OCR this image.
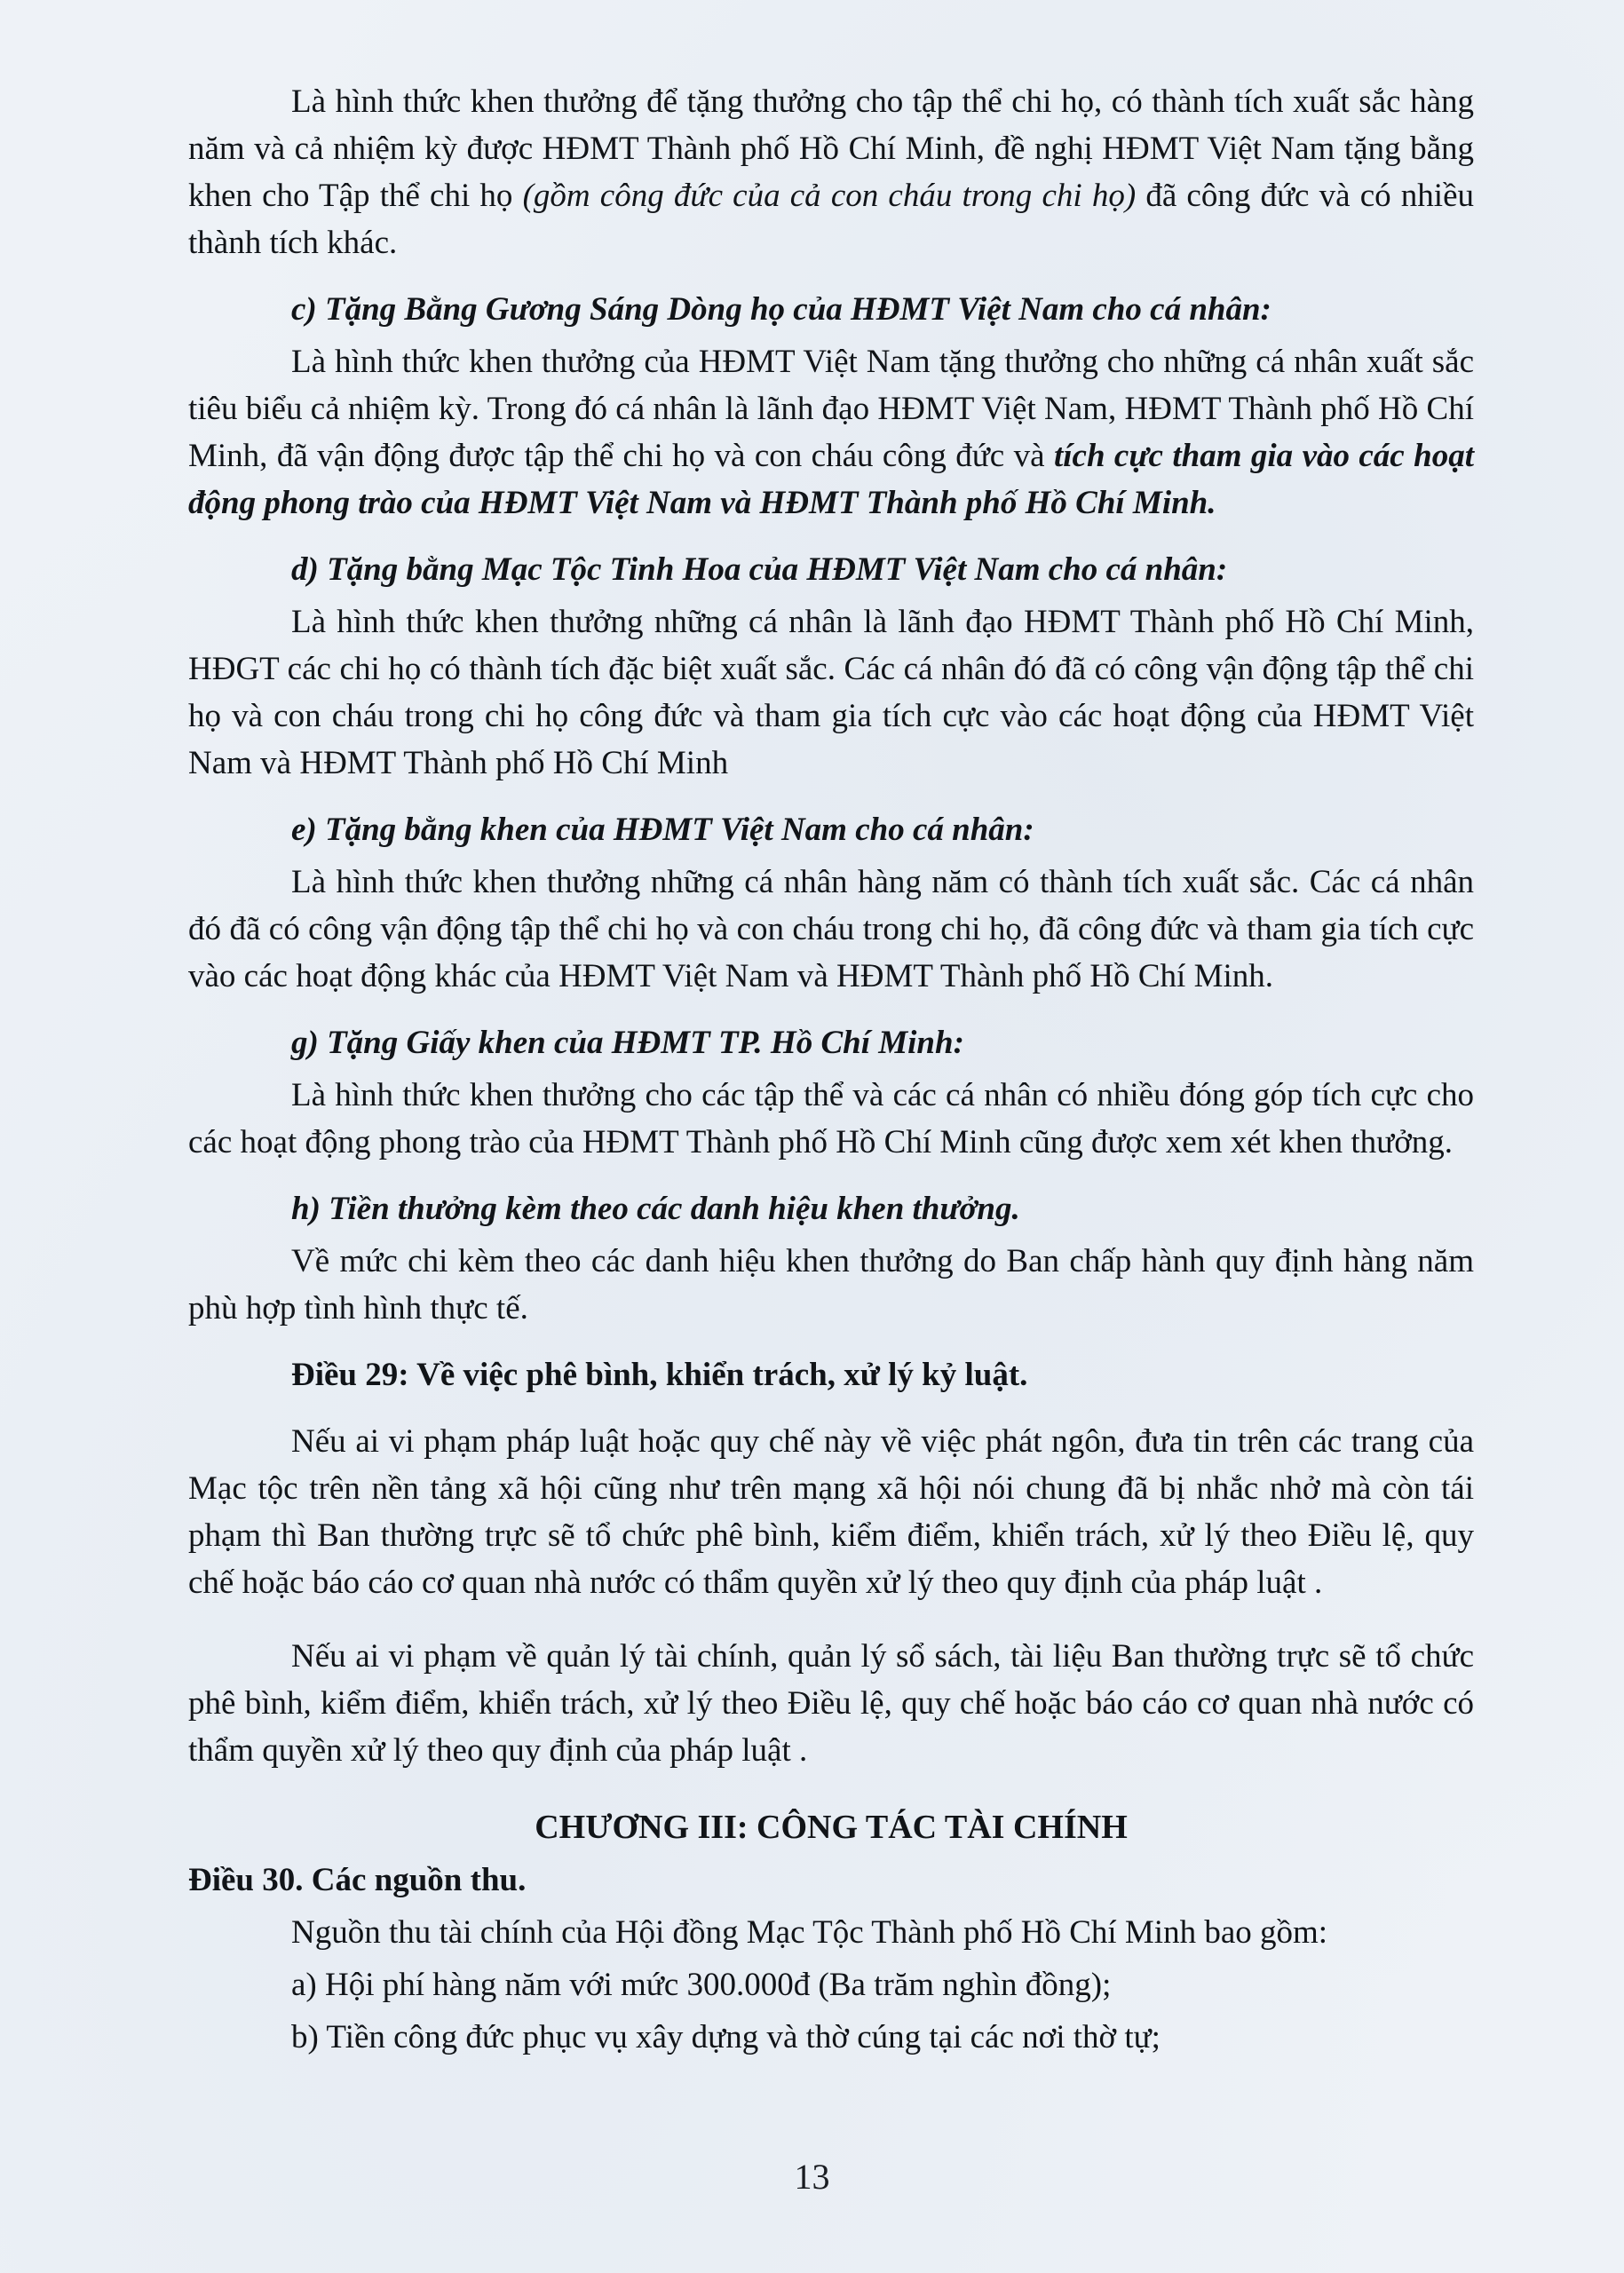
Là hình thức khen thưởng để tặng thưởng cho tập thể chi họ, có thành tích xuất sắc hàng năm và cả nhiệm kỳ được HĐMT Thành phố Hồ Chí Minh, đề nghị HĐMT Việt Nam tặng bằng khen cho Tập thể chi họ (gồm công đức của cả con cháu trong chi họ) đã công đức và có nhiều thành tích khác.

c) Tặng Bằng Gương Sáng Dòng họ của HĐMT Việt Nam cho cá nhân:

Là hình thức khen thưởng của HĐMT Việt Nam tặng thưởng cho những cá nhân xuất sắc tiêu biểu cả nhiệm kỳ. Trong đó cá nhân là lãnh đạo HĐMT Việt Nam, HĐMT Thành phố Hồ Chí Minh, đã vận động được tập thể chi họ và con cháu công đức và tích cực tham gia vào các hoạt động phong trào của HĐMT Việt Nam và HĐMT Thành phố Hồ Chí Minh.

d) Tặng bằng Mạc Tộc Tinh Hoa của HĐMT Việt Nam cho cá nhân:

Là hình thức khen thưởng những cá nhân là lãnh đạo HĐMT Thành phố Hồ Chí Minh, HĐGT các chi họ có thành tích đặc biệt xuất sắc. Các cá nhân đó đã có công vận động tập thể chi họ và con cháu trong chi họ công đức và tham gia tích cực vào các hoạt động của HĐMT Việt Nam và HĐMT Thành phố Hồ Chí Minh

e) Tặng bằng khen của HĐMT Việt Nam cho cá nhân:

Là hình thức khen thưởng những cá nhân hàng năm có thành tích xuất sắc. Các cá nhân đó đã có công vận động tập thể chi họ và con cháu trong chi họ, đã công đức và tham gia tích cực vào các hoạt động khác của HĐMT Việt Nam và HĐMT Thành phố Hồ Chí Minh.

g) Tặng Giấy khen của HĐMT TP. Hồ Chí Minh:

Là hình thức khen thưởng cho các tập thể và các cá nhân có nhiều đóng góp tích cực cho các hoạt động phong trào của HĐMT Thành phố Hồ Chí Minh cũng được xem xét khen thưởng.

h) Tiền thưởng kèm theo các danh hiệu khen thưởng.

Về mức chi kèm theo các danh hiệu khen thưởng do Ban chấp hành quy định hàng năm phù hợp tình hình thực tế.

Điều 29: Về việc phê bình, khiển trách, xử lý kỷ luật.

Nếu ai vi phạm pháp luật hoặc quy chế này về việc phát ngôn, đưa tin trên các trang của Mạc tộc trên nền tảng xã hội cũng như trên mạng xã hội nói chung đã bị nhắc nhở mà còn tái phạm thì Ban thường trực sẽ tổ chức phê bình, kiểm điểm, khiển trách, xử lý theo Điều lệ, quy chế hoặc báo cáo cơ quan nhà nước có thẩm quyền xử lý theo quy định của pháp luật .

Nếu ai vi phạm về quản lý tài chính, quản lý sổ sách, tài liệu Ban thường trực sẽ tổ chức phê bình, kiểm điểm, khiển trách, xử lý theo Điều lệ, quy chế hoặc báo cáo cơ quan nhà nước có thẩm quyền xử lý theo quy định của pháp luật .

CHƯƠNG III: CÔNG TÁC TÀI CHÍNH

Điều 30. Các nguồn thu.

Nguồn thu tài chính của Hội đồng Mạc Tộc Thành phố Hồ Chí Minh bao gồm:

a) Hội phí hàng năm với mức 300.000đ (Ba trăm nghìn đồng);

b) Tiền công đức phục vụ xây dựng và thờ cúng tại các nơi thờ tự;

13
